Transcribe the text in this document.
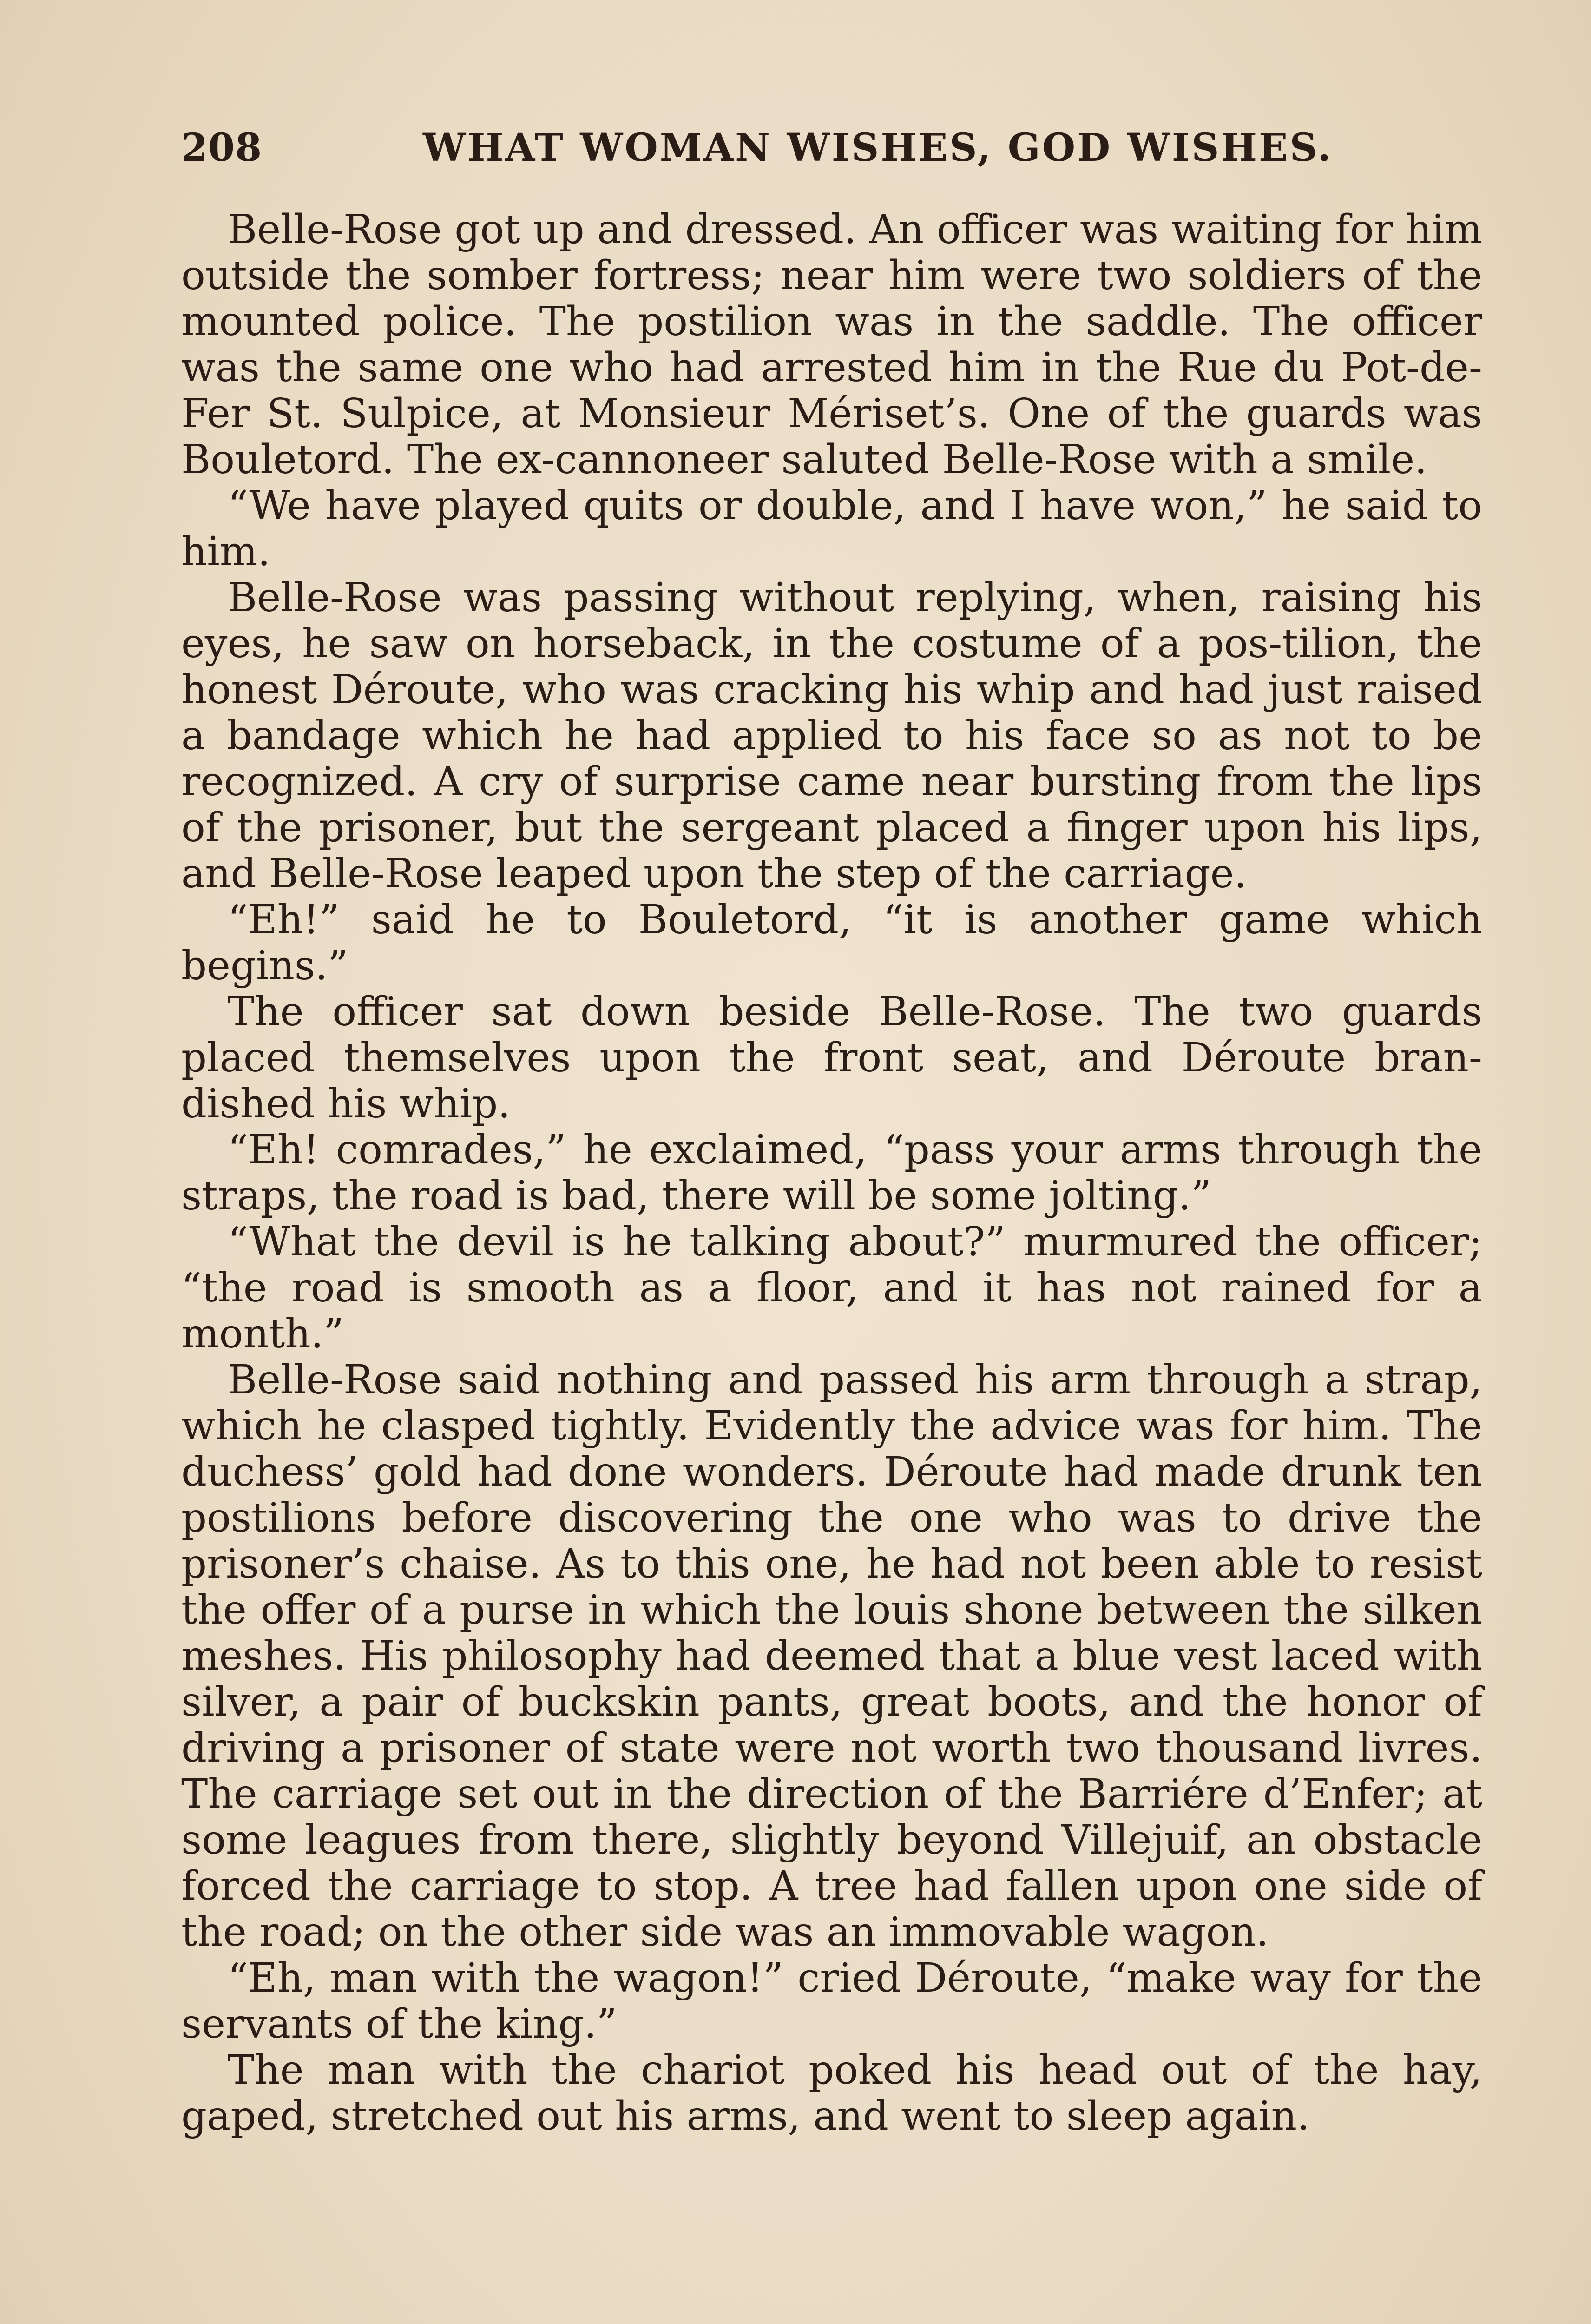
208	WHAT WOMAN WISHES, GOD WISHES.

Belle-Rose got up and dressed. An officer was waiting for him outside the somber fortress; near him were two soldiers of the mounted police. The postilion was in the saddle. The officer was the same one who had arrested him in the Rue du Pot-de-Fer St. Sulpice, at Monsieur Mériset’s. One of the guards was Bouletord. The ex-cannoneer saluted Belle-Rose with a smile.

“We have played quits or double, and I have won,” he said to him.

Belle-Rose was passing without replying, when, raising his eyes, he saw on horseback, in the costume of a pos-tilion, the honest Déroute, who was cracking his whip and had just raised a bandage which he had applied to his face so as not to be recognized. A cry of surprise came near bursting from the lips of the prisoner, but the sergeant placed a finger upon his lips, and Belle-Rose leaped upon the step of the carriage.

“Eh!” said he to Bouletord, “it is another game which begins.”

The officer sat down beside Belle-Rose. The two guards placed themselves upon the front seat, and Déroute bran-dished his whip.

“Eh! comrades,” he exclaimed, “pass your arms through the straps, the road is bad, there will be some jolting.”

“What the devil is he talking about?” murmured the officer; “the road is smooth as a floor, and it has not rained for a month.”

Belle-Rose said nothing and passed his arm through a strap, which he clasped tightly. Evidently the advice was for him. The duchess’ gold had done wonders. Déroute had made drunk ten postilions before discovering the one who was to drive the prisoner’s chaise. As to this one, he had not been able to resist the offer of a purse in which the louis shone between the silken meshes. His philosophy had deemed that a blue vest laced with silver, a pair of buckskin pants, great boots, and the honor of driving a prisoner of state were not worth two thousand livres. The carriage set out in the direction of the Barriére d’Enfer; at some leagues from there, slightly beyond Villejuif, an obstacle forced the carriage to stop. A tree had fallen upon one side of the road; on the other side was an immovable wagon.

“Eh, man with the wagon!” cried Déroute, “make way for the servants of the king.”

The man with the chariot poked his head out of the hay, gaped, stretched out his arms, and went to sleep again.
